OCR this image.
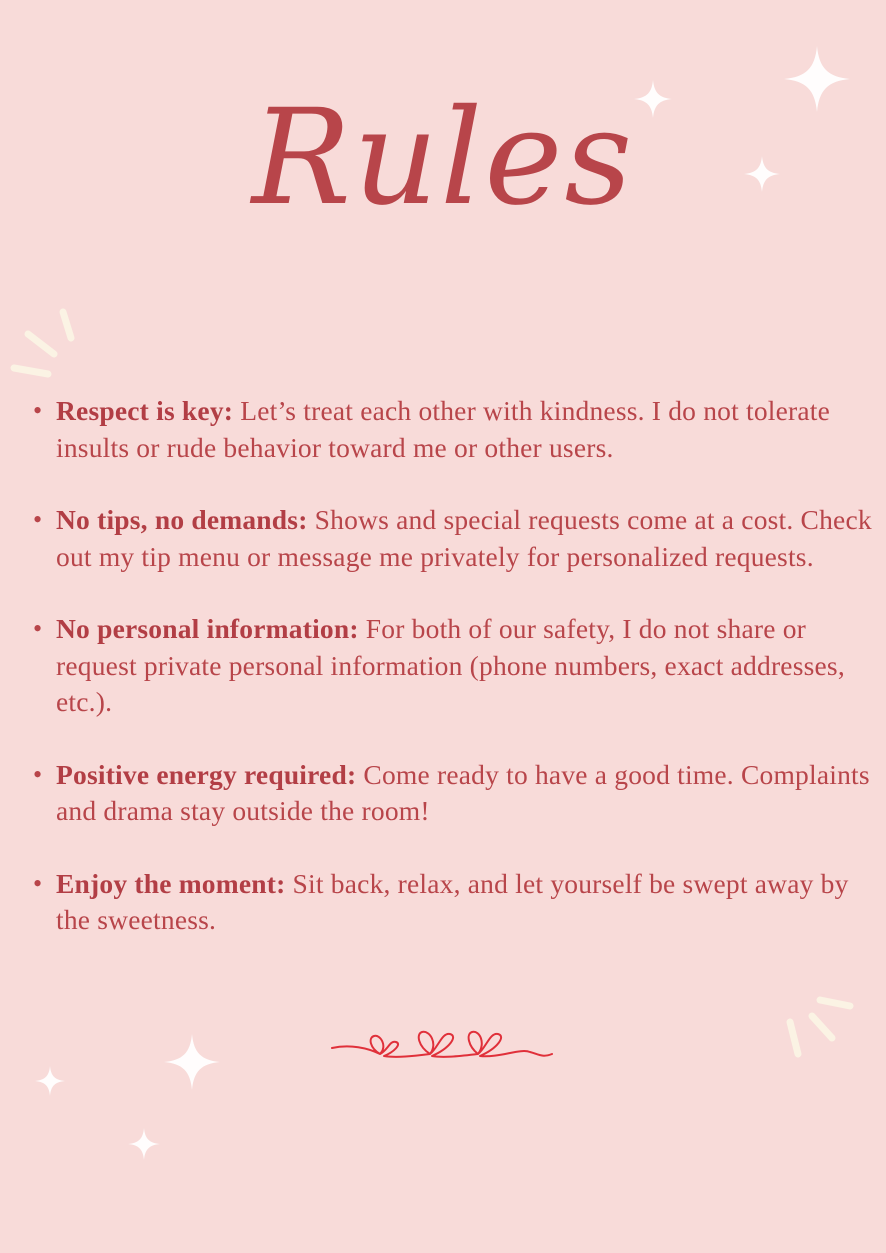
Rules
• Respect is key: Let’s treat each other with kindness. I do not tolerate insults or rude behavior toward me or other users.
• No tips, no demands: Shows and special requests come at a cost. Check out my tip menu or message me privately for personalized requests.
• No personal information: For both of our safety, I do not share or request private personal information (phone numbers, exact addresses, etc.).
• Positive energy required: Come ready to have a good time. Complaints and drama stay outside the room!
• Enjoy the moment: Sit back, relax, and let yourself be swept away by the sweetness.
